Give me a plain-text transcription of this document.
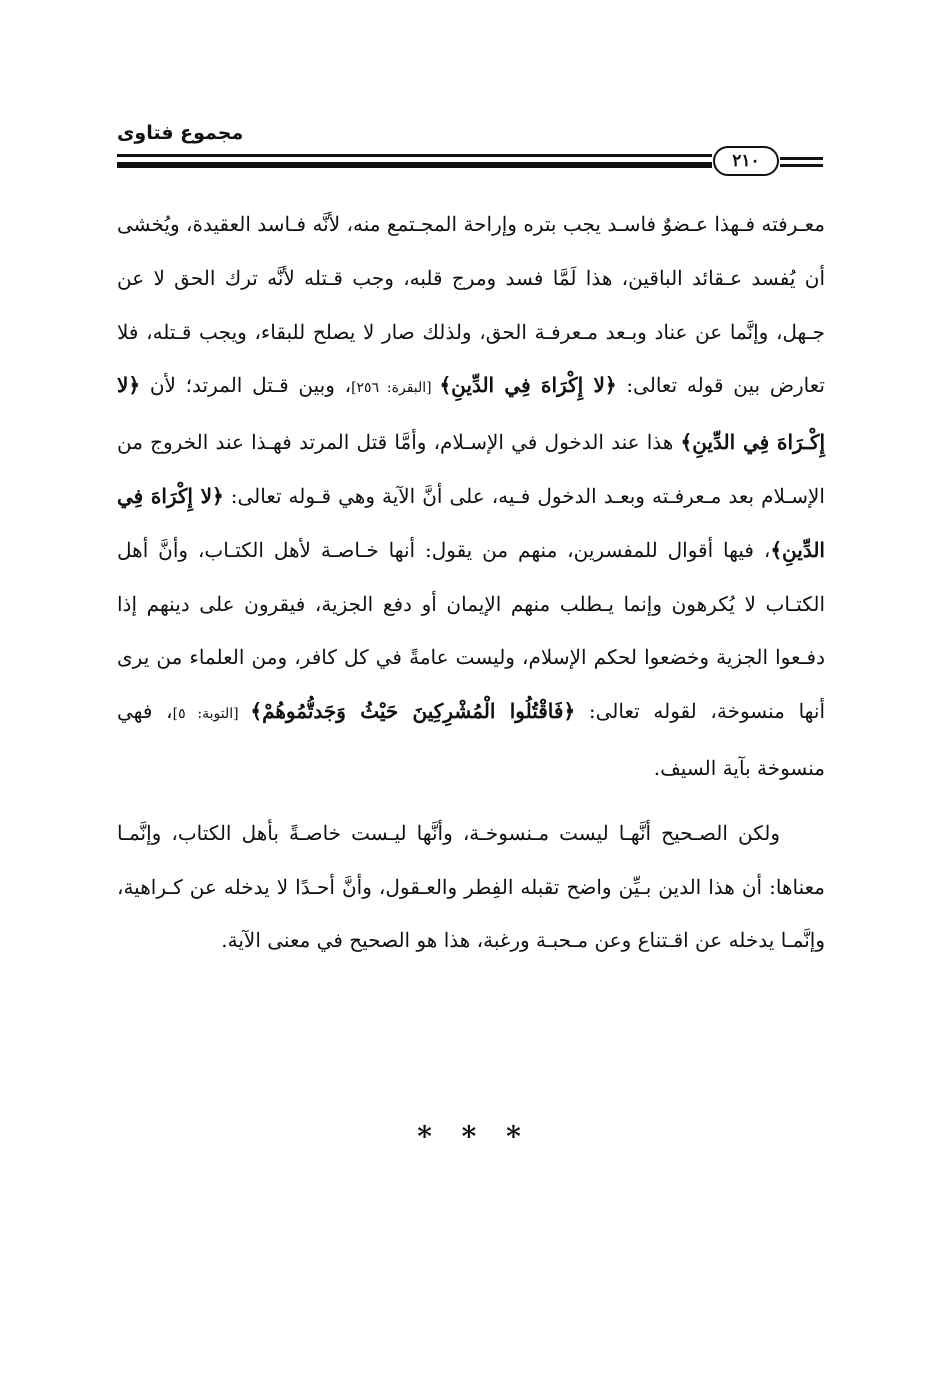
مجموع فتاوى
٢١٠

معـرفته فـهذا عـضوٌ فاسـد يجب بتره وإراحة المجـتمع منه، لأنَّه فـاسد العقيدة، ويُخشى أن يُفسد عـقائد الباقين، هذا لَمَّا فسد ومرج قلبه، وجب قـتله لأنَّه ترك الحق لا عن جـهل، وإنَّما عن عناد وبـعد مـعرفـة الحق، ولذلك صار لا يصلح للبقاء، ويجب قـتله، فلا تعارض بين قوله تعالى: ﴿لا إِكْرَاهَ فِي الدِّينِ﴾ [البقرة: ٢٥٦]، وبين قـتل المرتد؛ لأن ﴿لا إِكْـرَاهَ فِي الدِّينِ﴾ هذا عند الدخول في الإسـلام، وأمَّا قتل المرتد فهـذا عند الخروج من الإسـلام بعد مـعرفـته وبعـد الدخول فـيه، على أنَّ الآية وهي قـوله تعالى: ﴿لا إِكْرَاهَ فِي الدِّينِ﴾، فيها أقوال للمفسرين، منهم من يقول: أنها خـاصـة لأهل الكتـاب، وأنَّ أهل الكتـاب لا يُكرهون وإنما يـطلب منهم الإيمان أو دفع الجزية، فيقرون على دينهم إذا دفـعوا الجزية وخضعوا لحكم الإسلام، وليست عامةً في كل كافر، ومن العلماء من يرى أنها منسوخة، لقوله تعالى: ﴿فَاقْتُلُوا الْمُشْرِكِينَ حَيْثُ وَجَدتُّمُوهُمْ﴾ [التوبة: ٥]، فهي منسوخة بآية السيف.

ولكن الصـحيح أنَّهـا ليست مـنسوخـة، وأنَّها ليـست خاصـةً بأهل الكتاب، وإنَّمـا معناها: أن هذا الدين بـيِّن واضح تقبله الفِطر والعـقول، وأنَّ أحـدًا لا يدخله عن كـراهية، وإنَّمـا يدخله عن اقـتناع وعن مـحبـة ورغبة، هذا هو الصحيح في معنى الآية.

* * *
